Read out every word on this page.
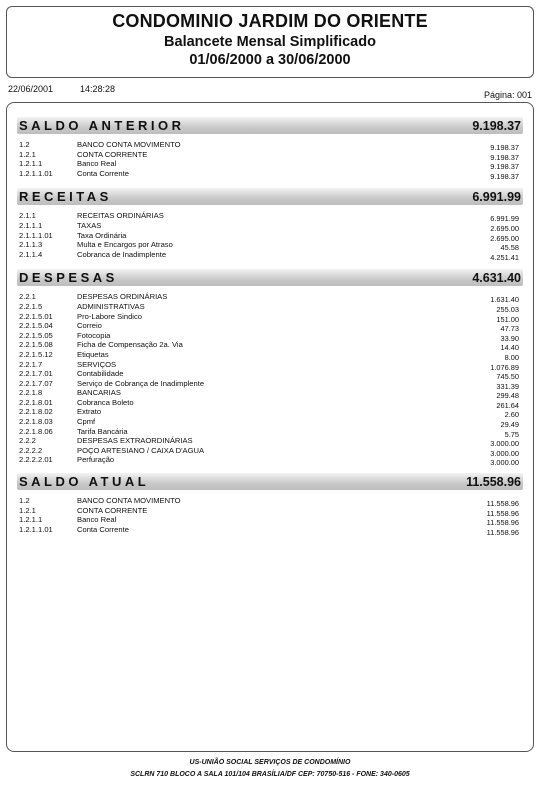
CONDOMINIO JARDIM DO ORIENTE
Balancete Mensal Simplificado
01/06/2000 a 30/06/2000
22/06/2001	14:28:28
Página: 001
SALDO ANTERIOR	9.198.37
1.2	BANCO CONTA MOVIMENTO	9.198.37
1.2.1	CONTA CORRENTE	9.198.37
1.2.1.1	Banco Real	9.198.37
1.2.1.1.01	Conta Corrente	9.198.37
RECEITAS	6.991.99
2.1.1	RECEITAS ORDINÁRIAS	6.991.99
2.1.1.1	TAXAS	2.695.00
2.1.1.1.01	Taxa Ordinária	2.695.00
2.1.1.3	Multa e Encargos por Atraso	45.58
2.1.1.4	Cobranca de Inadimplente	4.251.41
DESPESAS	4.631.40
2.2.1	DESPESAS ORDINÁRIAS	1.631.40
2.2.1.5	ADMINISTRATIVAS	255.03
2.2.1.5.01	Pro-Labore Sindico	151.00
2.2.1.5.04	Correio	47.73
2.2.1.5.05	Fotocopia	33.90
2.2.1.5.08	Ficha de Compensação 2a. Via	14.40
2.2.1.5.12	Etiquetas	8.00
2.2.1.7	SERVIÇOS	1.076.89
2.2.1.7.01	Contabilidade	745.50
2.2.1.7.07	Serviço de Cobrança de Inadimplente	331.39
2.2.1.8	BANCARIAS	299.48
2.2.1.8.01	Cobranca Boleto	261.64
2.2.1.8.02	Extrato	2.60
2.2.1.8.03	Cpmf	29.49
2.2.1.8.06	Tarifa Bancária	5.75
2.2.2	DESPESAS EXTRAORDINÁRIAS	3.000.00
2.2.2.2	POÇO ARTESIANO / CAIXA D'AGUA	3.000.00
2.2.2.2.01	Perfuração	3.000.00
SALDO ATUAL	11.558.96
1.2	BANCO CONTA MOVIMENTO	11.558.96
1.2.1	CONTA CORRENTE	11.558.96
1.2.1.1	Banco Real	11.558.96
1.2.1.1.01	Conta Corrente	11.558.96
US-UNIÃO SOCIAL SERVIÇOS DE CONDOMÍNIO
SCLRN 710 BLOCO A SALA 101/104 BRASÍLIA/DF CEP: 70750-516 - FONE: 340-0605
